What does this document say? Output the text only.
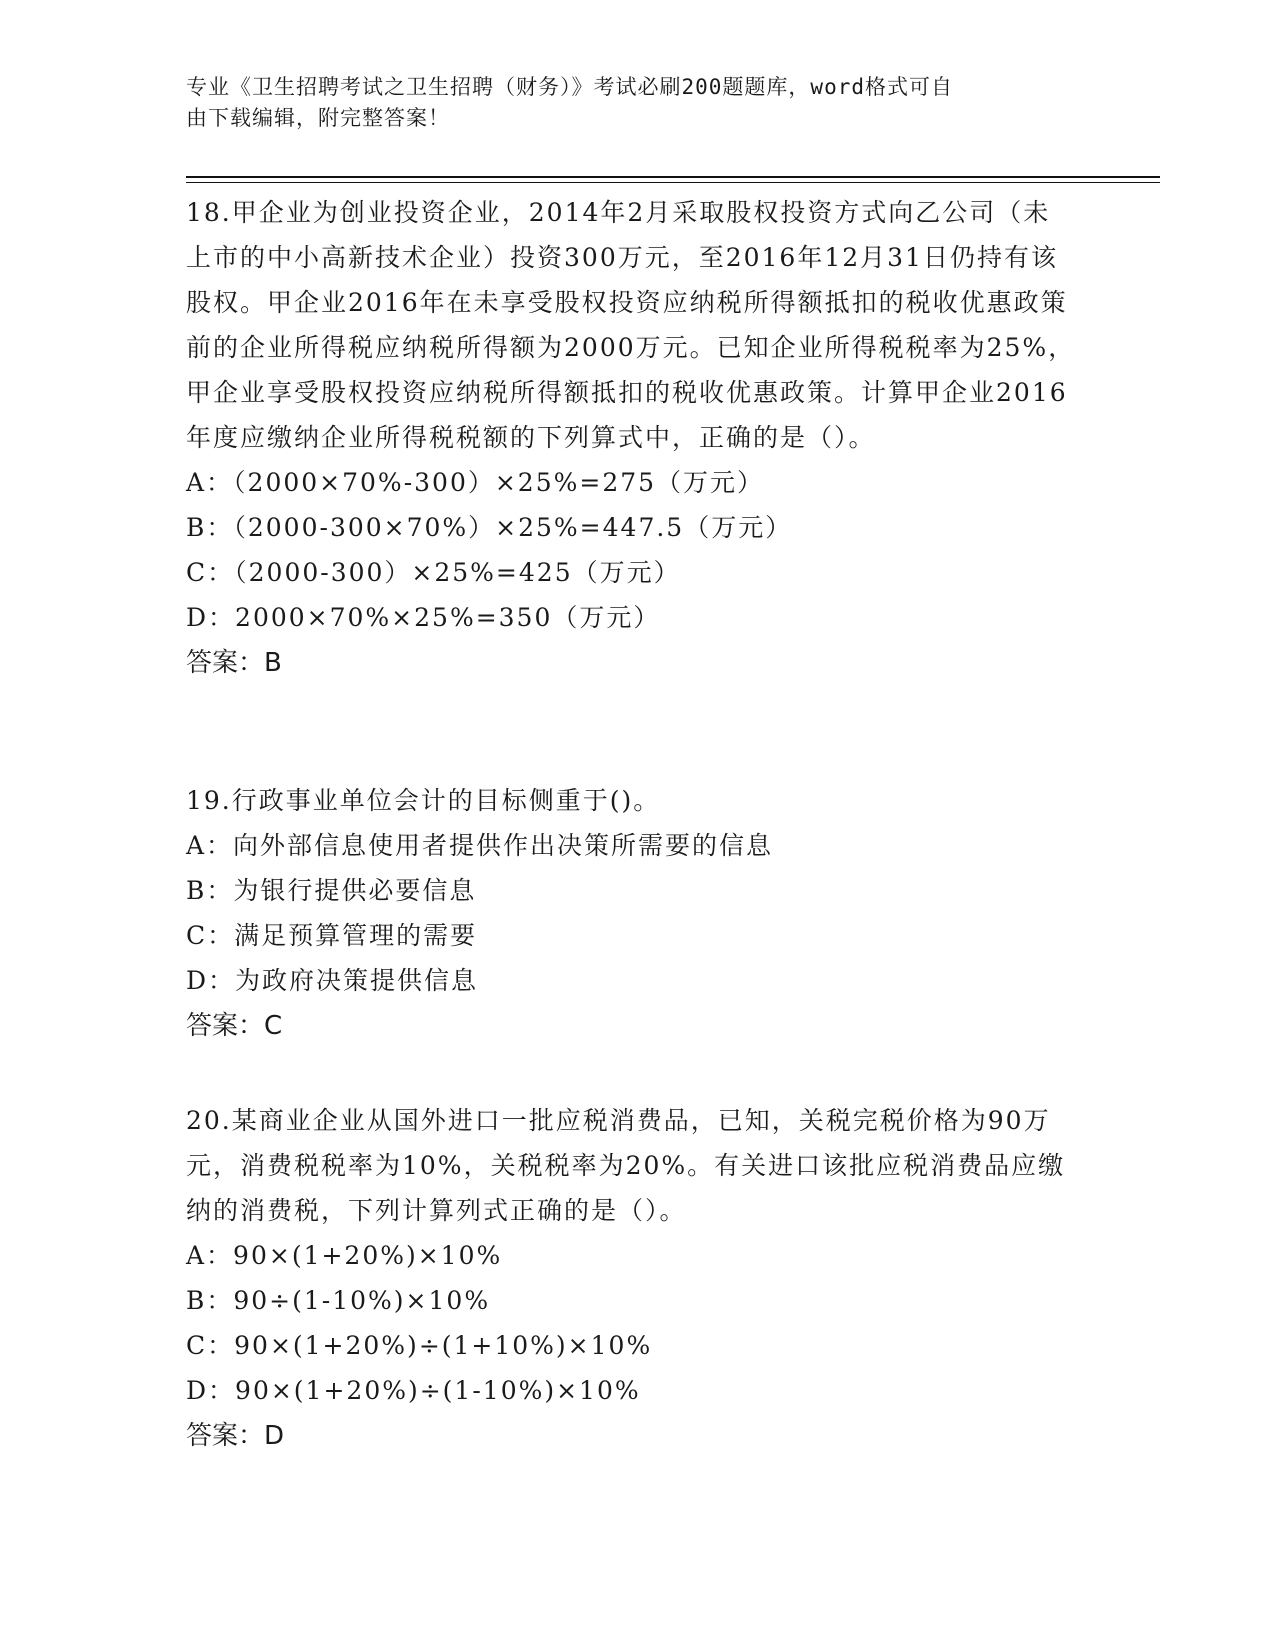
专业《卫生招聘考试之卫生招聘（财务）》考试必刷200题题库，word格式可自
由下载编辑，附完整答案！
18.甲企业为创业投资企业，2014年2月采取股权投资方式向乙公司（未上市的中小高新技术企业）投资300万元，至2016年12月31日仍持有该股权。甲企业2016年在未享受股权投资应纳税所得额抵扣的税收优惠政策前的企业所得税应纳税所得额为2000万元。已知企业所得税税率为25%，甲企业享受股权投资应纳税所得额抵扣的税收优惠政策。计算甲企业2016年度应缴纳企业所得税税额的下列算式中，正确的是（）。
A：（2000×70%-300）×25%=275（万元）
B：（2000-300×70%）×25%=447.5（万元）
C：（2000-300）×25%=425（万元）
D：2000×70%×25%=350（万元）
答案：B
19.行政事业单位会计的目标侧重于()。
A：向外部信息使用者提供作出决策所需要的信息
B：为银行提供必要信息
C：满足预算管理的需要
D：为政府决策提供信息
答案：C
20.某商业企业从国外进口一批应税消费品，已知，关税完税价格为90万元，消费税税率为10%，关税税率为20%。有关进口该批应税消费品应缴纳的消费税，下列计算列式正确的是（）。
A：90×(1+20%)×10%
B：90÷(1-10%)×10%
C：90×(1+20%)÷(1+10%)×10%
D：90×(1+20%)÷(1-10%)×10%
答案：D
